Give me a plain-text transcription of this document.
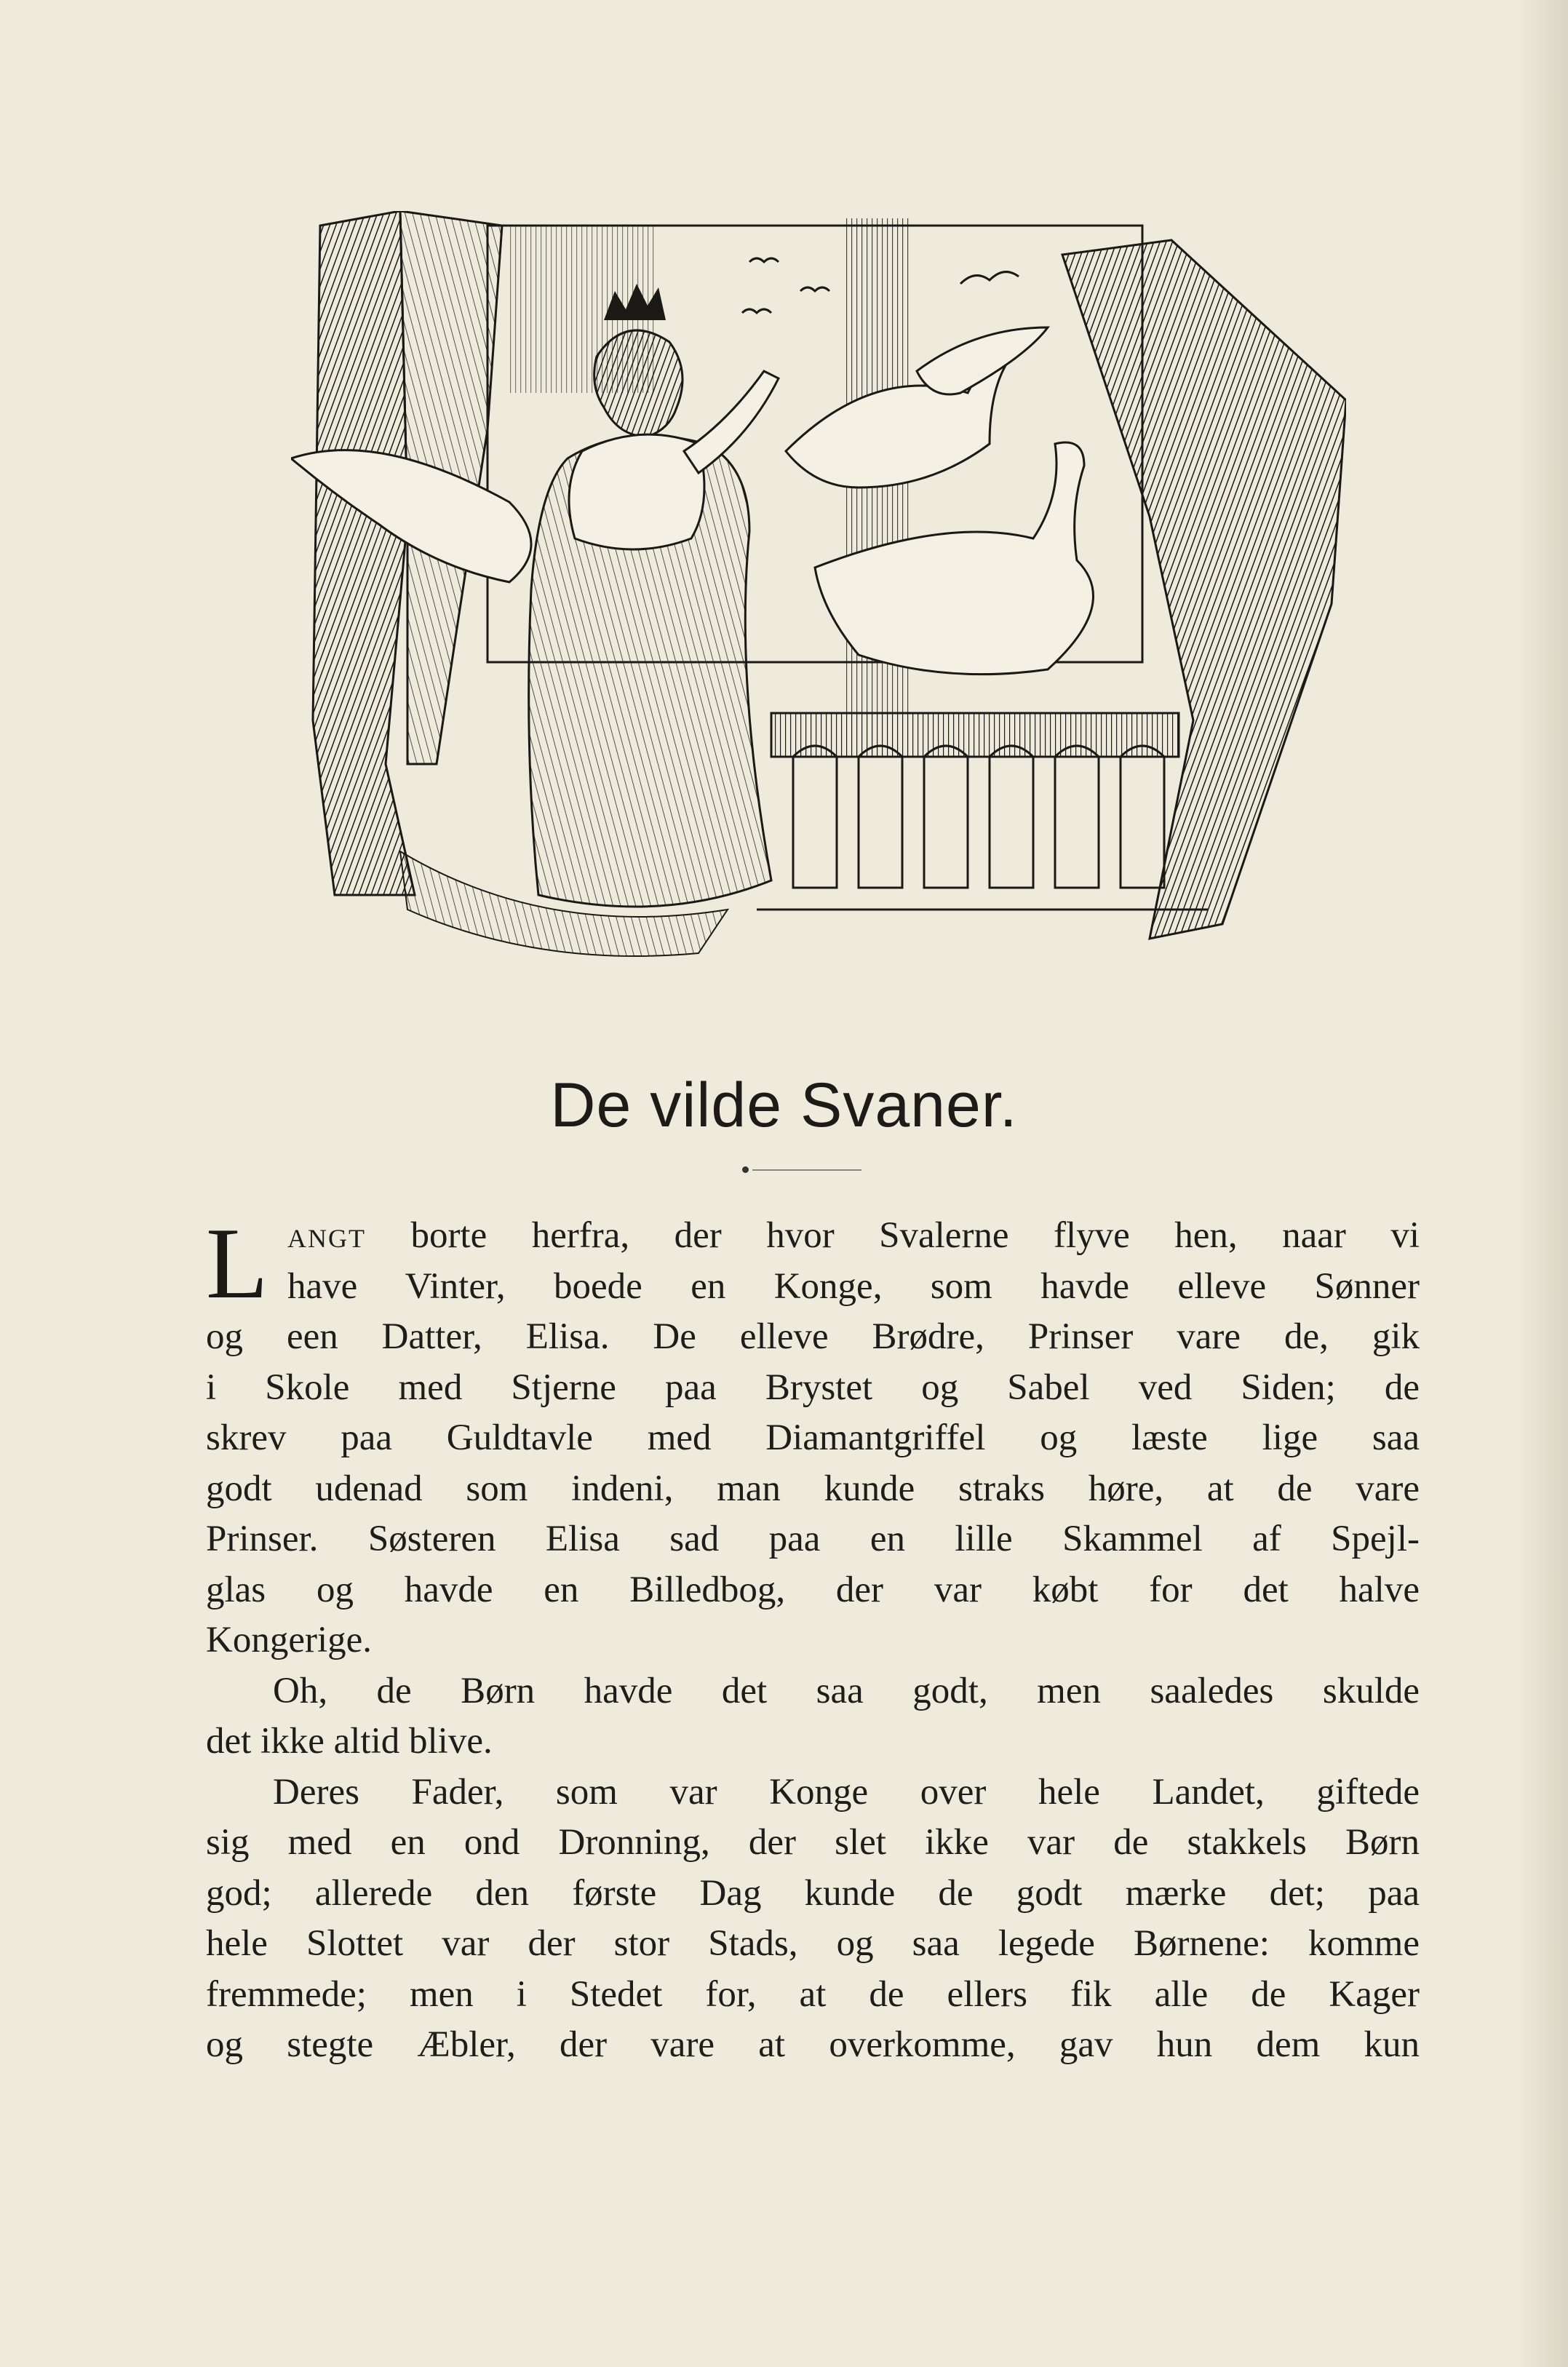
De vilde Svaner.
L angt borte herfra, der hvor Svalerne flyve hen, naar vi
have Vinter, boede en Konge, som havde elleve Sønner
og een Datter, Elisa. De elleve Brødre, Prinser vare de, gik
i Skole med Stjerne paa Brystet og Sabel ved Siden; de
skrev paa Guldtavle med Diamantgriffel og læste lige saa
godt udenad som indeni, man kunde straks høre, at de vare
Prinser. Søsteren Elisa sad paa en lille Skammel af Spejl-
glas og havde en Billedbog, der var købt for det halve
Kongerige.
Oh, de Børn havde det saa godt, men saaledes skulde
det ikke altid blive.
Deres Fader, som var Konge over hele Landet, giftede
sig med en ond Dronning, der slet ikke var de stakkels Børn
god; allerede den første Dag kunde de godt mærke det; paa
hele Slottet var der stor Stads, og saa legede Børnene: komme
fremmede; men i Stedet for, at de ellers fik alle de Kager
og stegte Æbler, der vare at overkomme, gav hun dem kun
